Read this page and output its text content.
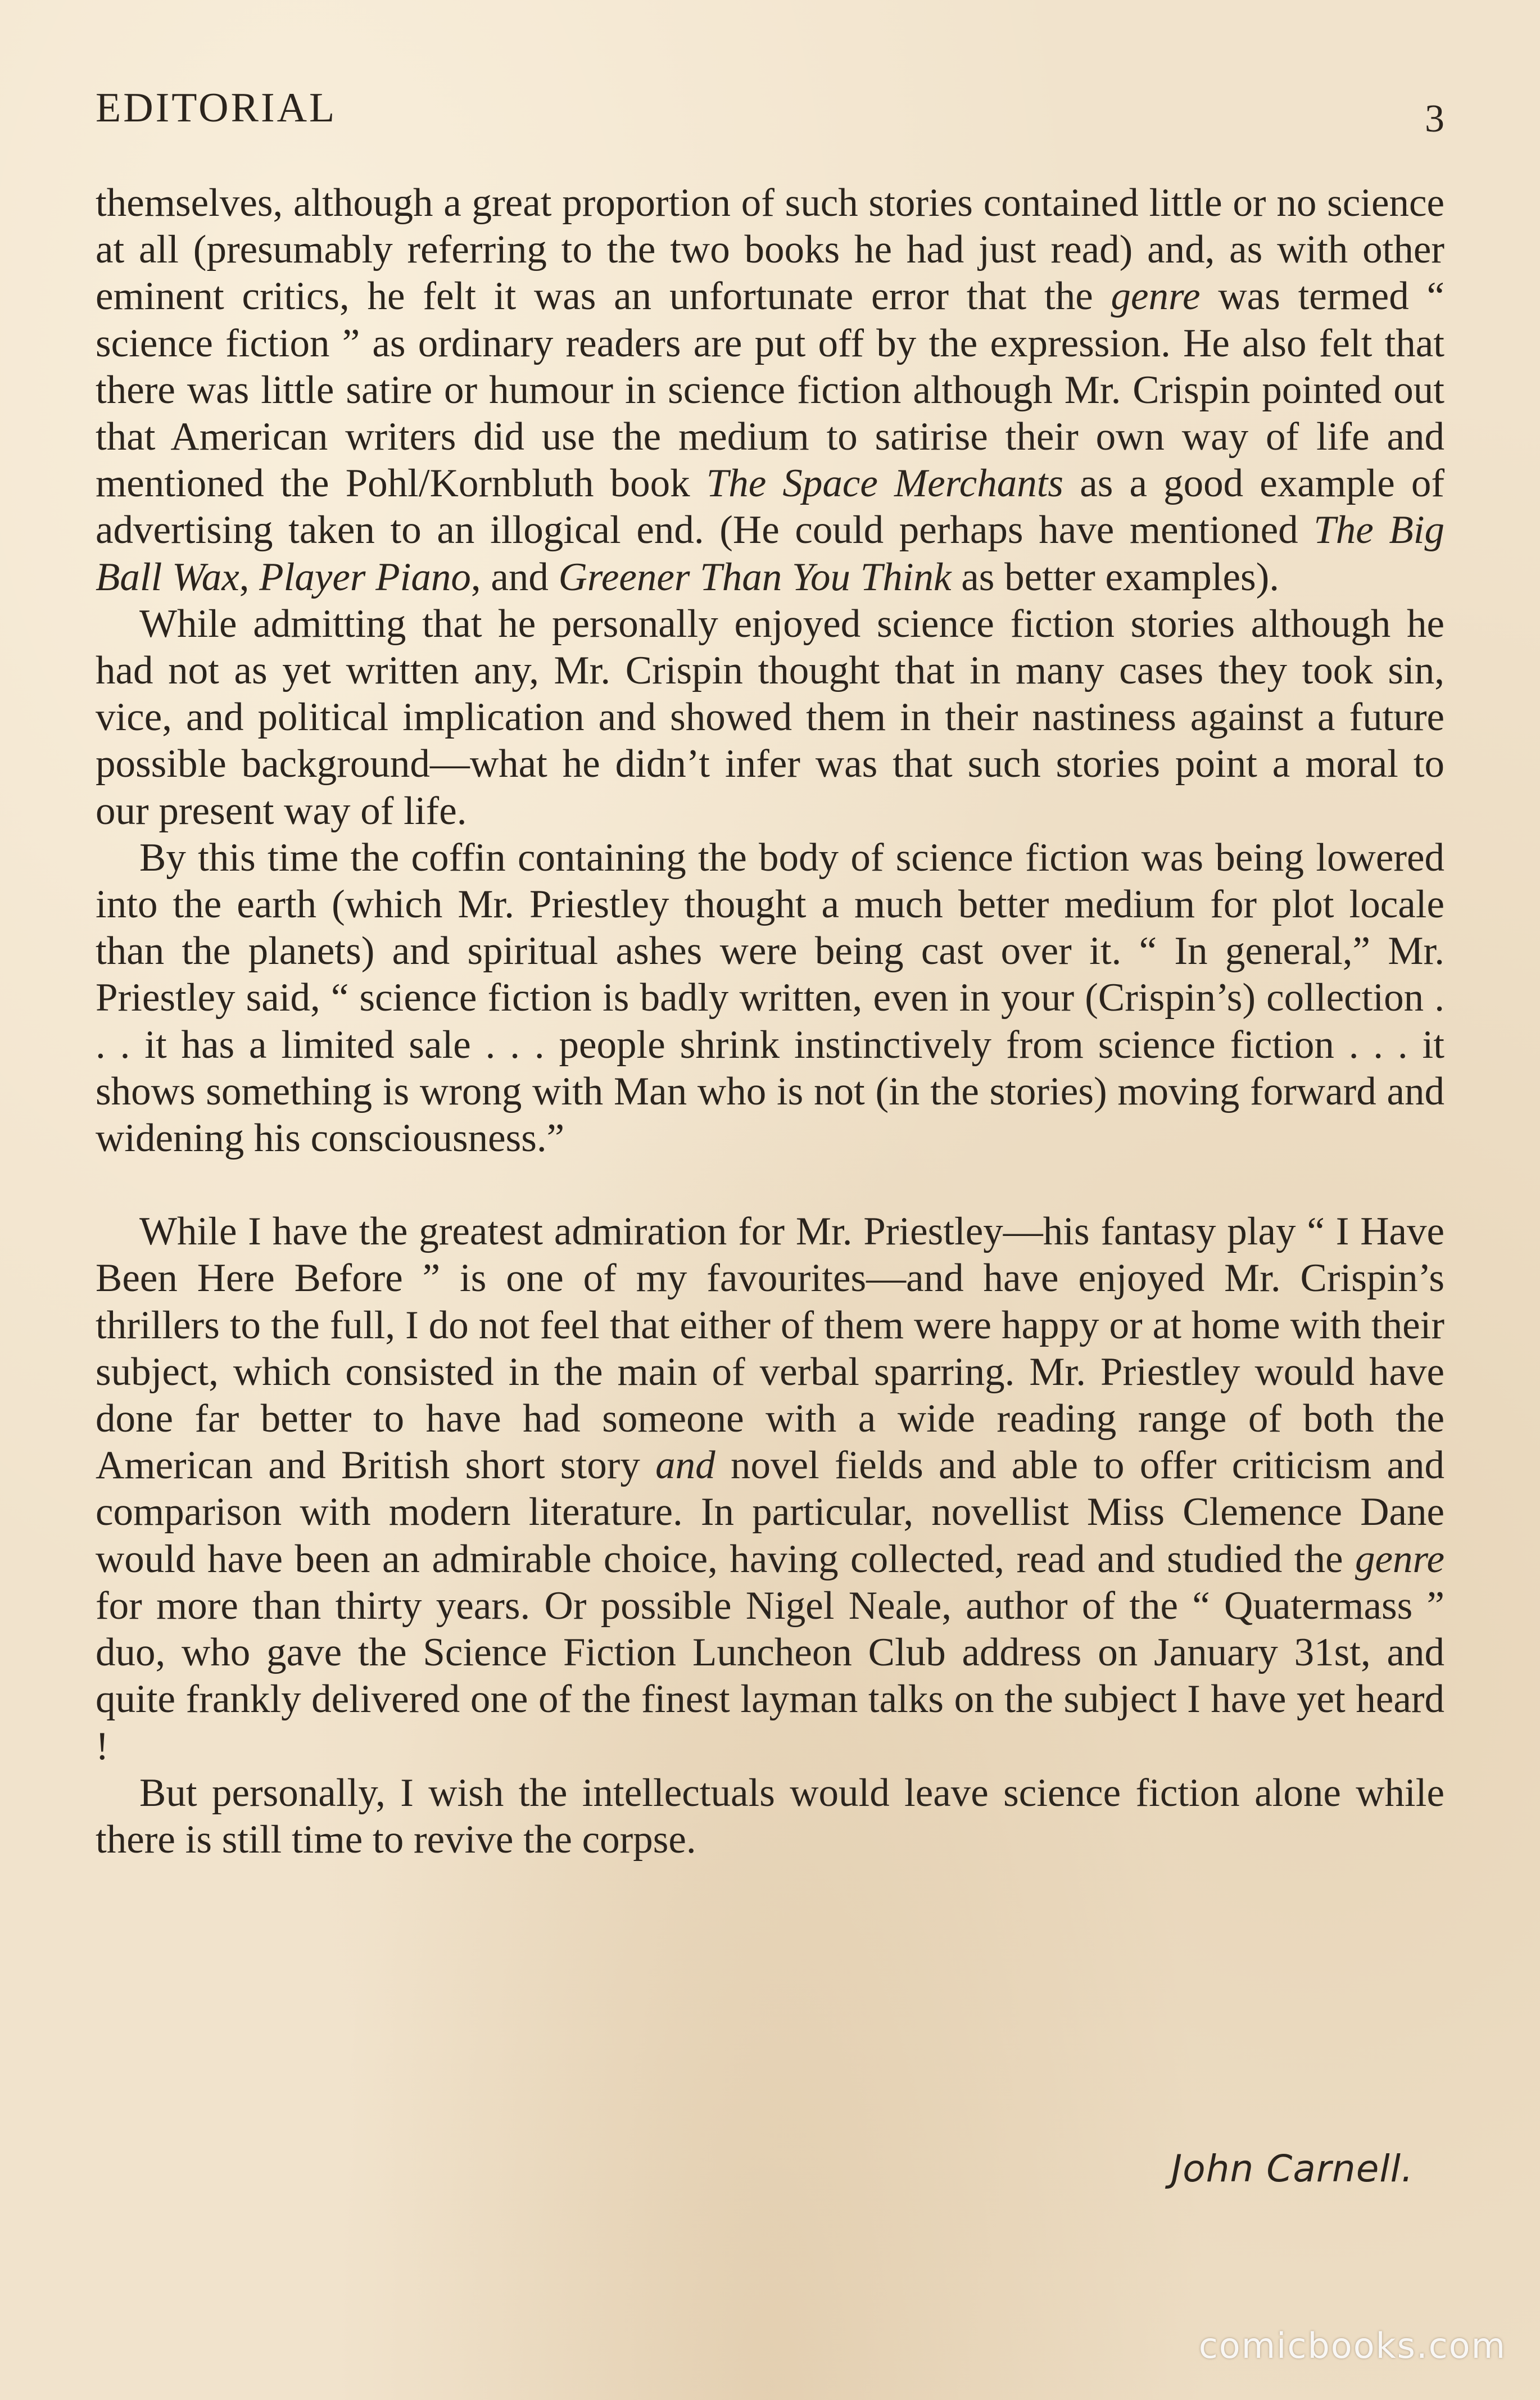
EDITORIAL	3

themselves, although a great proportion of such stories contained little or no science at all (presumably referring to the two books he had just read) and, as with other eminent critics, he felt it was an unfortunate error that the genre was termed “ science fiction ” as ordinary readers are put off by the expression. He also felt that there was little satire or humour in science fiction although Mr. Crispin pointed out that American writers did use the medium to satirise their own way of life and mentioned the Pohl/Kornbluth book The Space Merchants as a good example of advertising taken to an illogical end. (He could perhaps have mentioned The Big Ball Wax, Player Piano, and Greener Than You Think as better examples).

While admitting that he personally enjoyed science fiction stories although he had not as yet written any, Mr. Crispin thought that in many cases they took sin, vice, and political implication and showed them in their nastiness against a future possible background—what he didn’t infer was that such stories point a moral to our present way of life.

By this time the coffin containing the body of science fiction was being lowered into the earth (which Mr. Priestley thought a much better medium for plot locale than the planets) and spiritual ashes were being cast over it. “ In general,” Mr. Priestley said, “ science fiction is badly written, even in your (Crispin’s) collection . . . it has a limited sale . . . people shrink instinctively from science fiction . . . it shows something is wrong with Man who is not (in the stories) moving forward and widening his consciousness.”

While I have the greatest admiration for Mr. Priestley—his fantasy play “ I Have Been Here Before ” is one of my favourites—and have enjoyed Mr. Crispin’s thrillers to the full, I do not feel that either of them were happy or at home with their subject, which consisted in the main of verbal sparring. Mr. Priestley would have done far better to have had someone with a wide reading range of both the American and British short story and novel fields and able to offer criticism and comparison with modern literature. In particular, novellist Miss Clemence Dane would have been an admirable choice, having collected, read and studied the genre for more than thirty years. Or possible Nigel Neale, author of the “ Quatermass ” duo, who gave the Science Fiction Luncheon Club address on January 31st, and quite frankly delivered one of the finest layman talks on the subject I have yet heard !

But personally, I wish the intellectuals would leave science fiction alone while there is still time to revive the corpse.

John Carnell.
comicbooks.com
